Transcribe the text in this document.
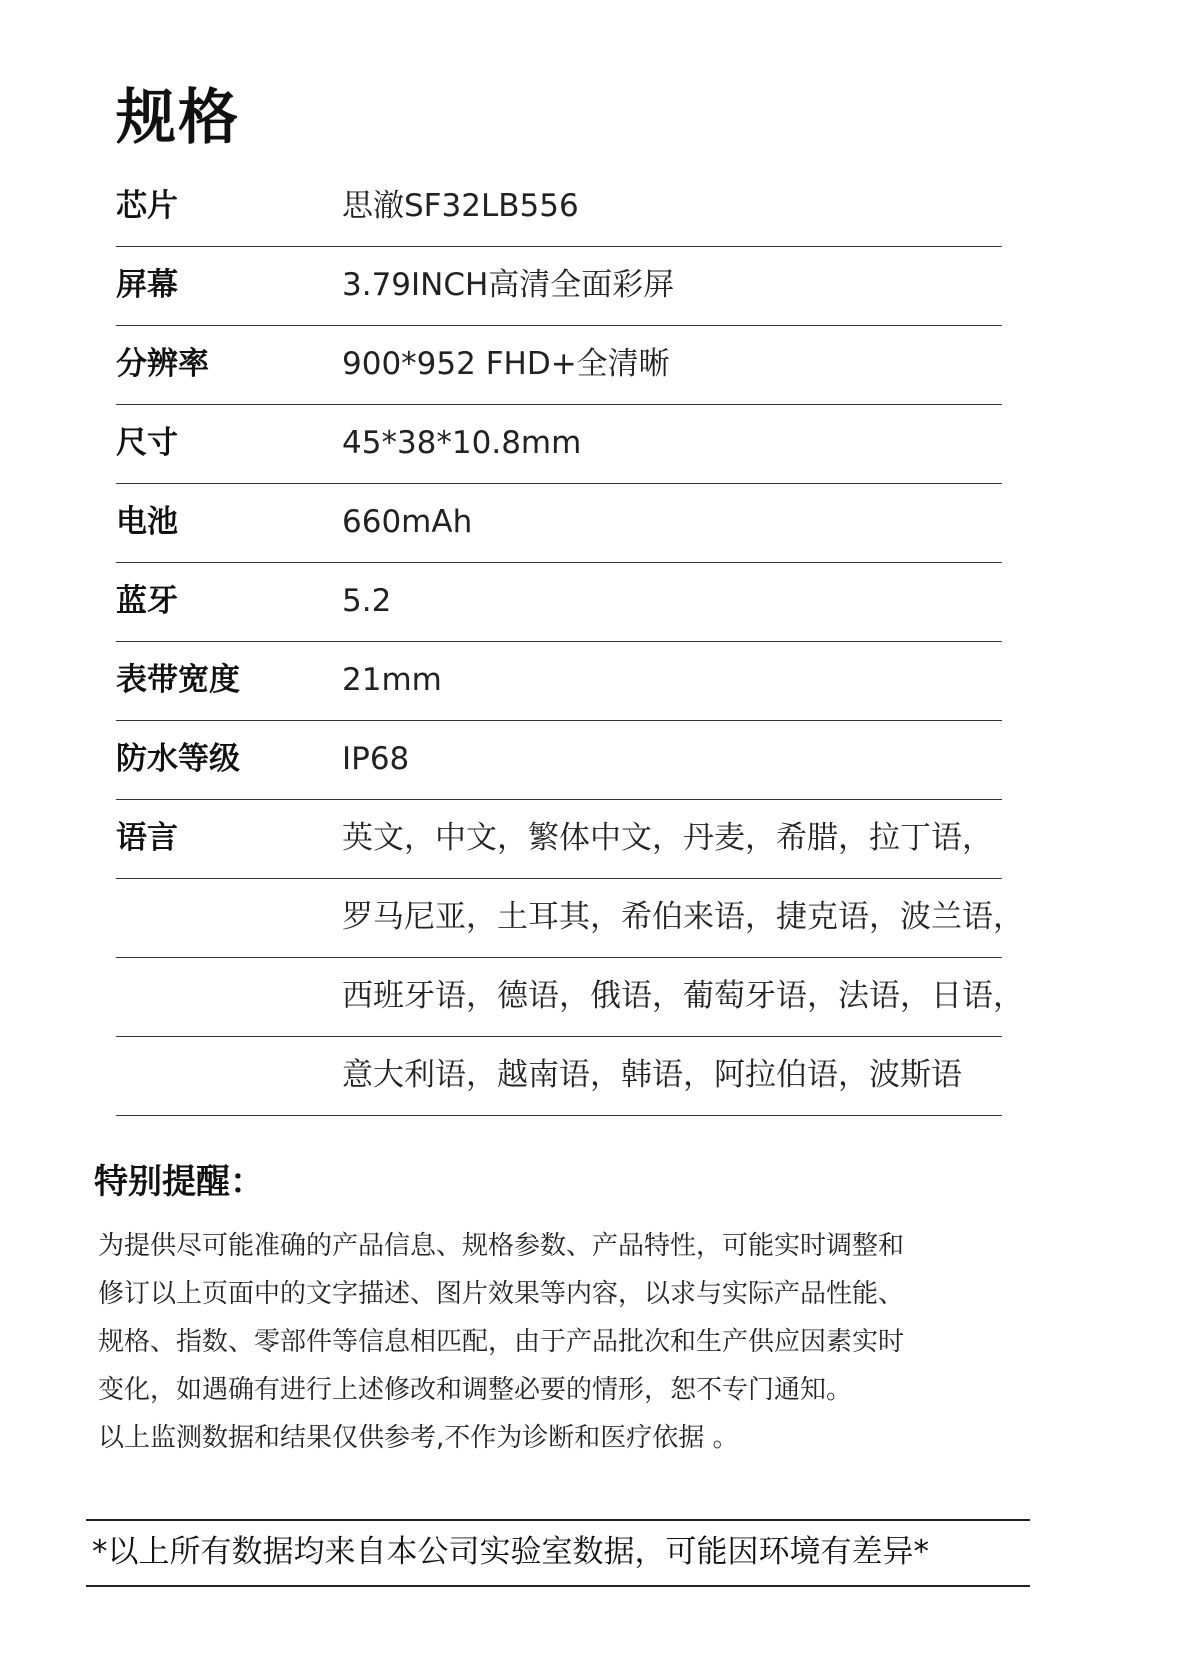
规格
芯片	思澈SF32LB556
屏幕	3.79INCH高清全面彩屏
分辨率	900*952 FHD+全清晰
尺寸	45*38*10.8mm
电池	660mAh
蓝牙	5.2
表带宽度	21mm
防水等级	IP68
语言	英文，中文，繁体中文，丹麦，希腊，拉丁语，
罗马尼亚，土耳其，希伯来语，捷克语，波兰语，
西班牙语，德语，俄语，葡萄牙语，法语，日语，
意大利语，越南语，韩语，阿拉伯语，波斯语
特别提醒：
为提供尽可能准确的产品信息、规格参数、产品特性，可能实时调整和
修订以上页面中的文字描述、图片效果等内容，以求与实际产品性能、
规格、指数、零部件等信息相匹配，由于产品批次和生产供应因素实时
变化，如遇确有进行上述修改和调整必要的情形，恕不专门通知。
以上监测数据和结果仅供参考,不作为诊断和医疗依据 。
*以上所有数据均来自本公司实验室数据，可能因环境有差异*
